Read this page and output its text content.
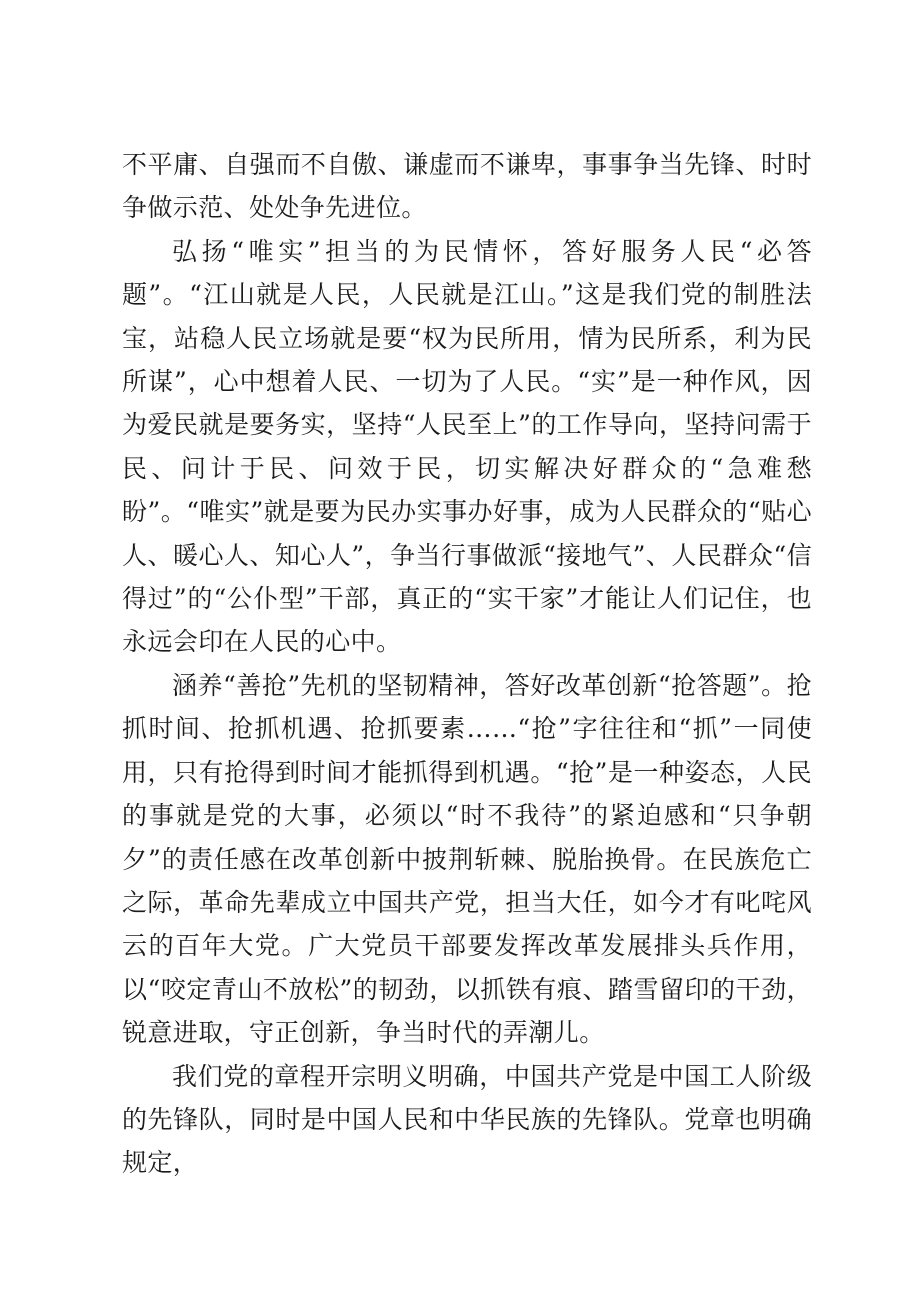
不平庸、自强而不自傲、谦虚而不谦卑，事事争当先锋、时时争做示范、处处争先进位。

弘扬“唯实”担当的为民情怀，答好服务人民“必答题”。“江山就是人民，人民就是江山。”这是我们党的制胜法宝，站稳人民立场就是要“权为民所用，情为民所系，利为民所谋”，心中想着人民、一切为了人民。“实”是一种作风，因为爱民就是要务实，坚持“人民至上”的工作导向，坚持问需于民、问计于民、问效于民，切实解决好群众的“急难愁盼”。“唯实”就是要为民办实事办好事，成为人民群众的“贴心人、暖心人、知心人”，争当行事做派“接地气”、人民群众“信得过”的“公仆型”干部，真正的“实干家”才能让人们记住，也永远会印在人民的心中。

涵养“善抢”先机的坚韧精神，答好改革创新“抢答题”。抢抓时间、抢抓机遇、抢抓要素……“抢”字往往和“抓”一同使用，只有抢得到时间才能抓得到机遇。“抢”是一种姿态，人民的事就是党的大事，必须以“时不我待”的紧迫感和“只争朝夕”的责任感在改革创新中披荆斩棘、脱胎换骨。在民族危亡之际，革命先辈成立中国共产党，担当大任，如今才有叱咤风云的百年大党。广大党员干部要发挥改革发展排头兵作用，以“咬定青山不放松”的韧劲，以抓铁有痕、踏雪留印的干劲，锐意进取，守正创新，争当时代的弄潮儿。

我们党的章程开宗明义明确，中国共产党是中国工人阶级的先锋队，同时是中国人民和中华民族的先锋队。党章也明确规定，
